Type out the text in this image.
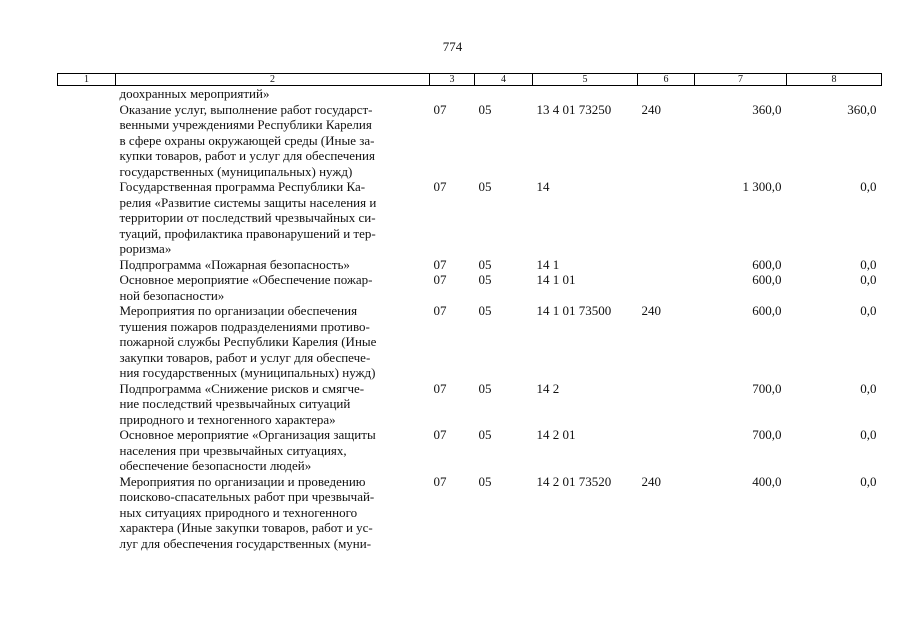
774
1	2	3	4	5	6	7	8
	доохранных мероприятий»						
	Оказание услуг, выполнение работ государст-
венными учреждениями Республики Карелия
в сфере охраны окружающей среды (Иные за-
купки товаров, работ и услуг для обеспечения
государственных (муниципальных) нужд)	07	05	13 4 01 73250	240	360,0	360,0
	Государственная программа Республики Ка-
релия «Развитие системы защиты населения и
территории от последствий чрезвычайных си-
туаций, профилактика правонарушений и тер-
роризма»	07	05	14		1 300,0	0,0
	Подпрограмма «Пожарная безопасность»	07	05	14 1		600,0	0,0
	Основное мероприятие «Обеспечение пожар-
ной безопасности»	07	05	14 1 01		600,0	0,0
	Мероприятия по организации обеспечения
тушения пожаров подразделениями противо-
пожарной службы Республики Карелия (Иные
закупки товаров, работ и услуг для обеспече-
ния государственных (муниципальных) нужд)	07	05	14 1 01 73500	240	600,0	0,0
	Подпрограмма «Снижение рисков и смягче-
ние последствий чрезвычайных ситуаций
природного и техногенного характера»	07	05	14 2		700,0	0,0
	Основное мероприятие «Организация защиты
населения при чрезвычайных ситуациях,
обеспечение безопасности людей»	07	05	14 2 01		700,0	0,0
	Мероприятия по организации и проведению
поисково-спасательных работ при чрезвычай-
ных ситуациях природного и техногенного
характера (Иные закупки товаров, работ и ус-
луг для обеспечения государственных (муни-	07	05	14 2 01 73520	240	400,0	0,0
